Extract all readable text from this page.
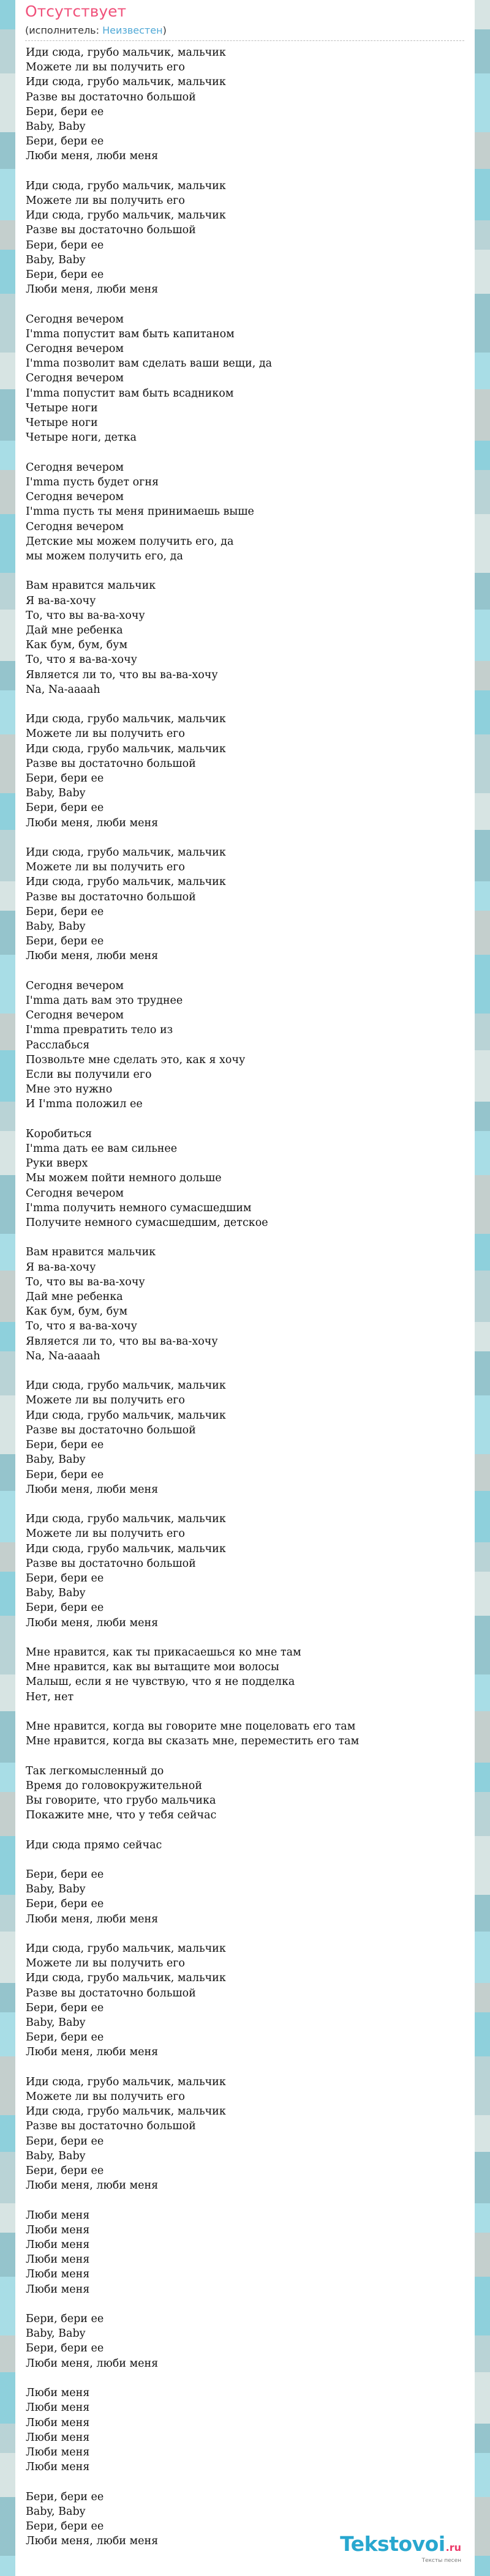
Отсутствует
(исполнитель: Неизвестен)
Иди сюда, грубо мальчик, мальчик
Можете ли вы получить его
Иди сюда, грубо мальчик, мальчик
Разве вы достаточно большой
Бери, бери ее
Baby, Baby
Бери, бери ее
Люби меня, люби меня

Иди сюда, грубо мальчик, мальчик
Можете ли вы получить его
Иди сюда, грубо мальчик, мальчик
Разве вы достаточно большой
Бери, бери ее
Baby, Baby
Бери, бери ее
Люби меня, люби меня

Сегодня вечером
I'mma попустит вам быть капитаном
Сегодня вечером
I'mma позволит вам сделать ваши вещи, да
Сегодня вечером
I'mma попустит вам быть всадником
Четыре ноги
Четыре ноги
Четыре ноги, детка

Сегодня вечером
I'mma пусть будет огня
Сегодня вечером
I'mma пусть ты меня принимаешь выше
Сегодня вечером
Детские мы можем получить его, да
мы можем получить его, да

Вам нравится мальчик
Я ва-ва-хочу
То, что вы ва-ва-хочу
Дай мне ребенка
Как бум, бум, бум
То, что я ва-ва-хочу
Является ли то, что вы ва-ва-хочу
Na, Na-aaaah

Иди сюда, грубо мальчик, мальчик
Можете ли вы получить его
Иди сюда, грубо мальчик, мальчик
Разве вы достаточно большой
Бери, бери ее
Baby, Baby
Бери, бери ее
Люби меня, люби меня

Иди сюда, грубо мальчик, мальчик
Можете ли вы получить его
Иди сюда, грубо мальчик, мальчик
Разве вы достаточно большой
Бери, бери ее
Baby, Baby
Бери, бери ее
Люби меня, люби меня

Сегодня вечером
I'mma дать вам это труднее
Сегодня вечером
I'mma превратить тело из
Расслабься
Позвольте мне сделать это, как я хочу
Если вы получили его
Мне это нужно
И I'mma положил ее

Коробиться
I'mma дать ее вам сильнее
Руки вверх
Мы можем пойти немного дольше
Сегодня вечером
I'mma получить немного сумасшедшим
Получите немного сумасшедшим, детское

Вам нравится мальчик
Я ва-ва-хочу
То, что вы ва-ва-хочу
Дай мне ребенка
Как бум, бум, бум
То, что я ва-ва-хочу
Является ли то, что вы ва-ва-хочу
Na, Na-aaaah

Иди сюда, грубо мальчик, мальчик
Можете ли вы получить его
Иди сюда, грубо мальчик, мальчик
Разве вы достаточно большой
Бери, бери ее
Baby, Baby
Бери, бери ее
Люби меня, люби меня

Иди сюда, грубо мальчик, мальчик
Можете ли вы получить его
Иди сюда, грубо мальчик, мальчик
Разве вы достаточно большой
Бери, бери ее
Baby, Baby
Бери, бери ее
Люби меня, люби меня

Мне нравится, как ты прикасаешься ко мне там
Мне нравится, как вы вытащите мои волосы
Малыш, если я не чувствую, что я не подделка
Нет, нет

Мне нравится, когда вы говорите мне поцеловать его там
Мне нравится, когда вы сказать мне, переместить его там

Так легкомысленный до
Время до головокружительной
Вы говорите, что грубо мальчика
Покажите мне, что у тебя сейчас

Иди сюда прямо сейчас

Бери, бери ее
Baby, Baby
Бери, бери ее
Люби меня, люби меня

Иди сюда, грубо мальчик, мальчик
Можете ли вы получить его
Иди сюда, грубо мальчик, мальчик
Разве вы достаточно большой
Бери, бери ее
Baby, Baby
Бери, бери ее
Люби меня, люби меня

Иди сюда, грубо мальчик, мальчик
Можете ли вы получить его
Иди сюда, грубо мальчик, мальчик
Разве вы достаточно большой
Бери, бери ее
Baby, Baby
Бери, бери ее
Люби меня, люби меня

Люби меня
Люби меня
Люби меня
Люби меня
Люби меня
Люби меня

Бери, бери ее
Baby, Baby
Бери, бери ее
Люби меня, люби меня

Люби меня
Люби меня
Люби меня
Люби меня
Люби меня
Люби меня

Бери, бери ее
Baby, Baby
Бери, бери ее
Люби меня, люби меня	Tekstovoi.ru
Тексты песен
